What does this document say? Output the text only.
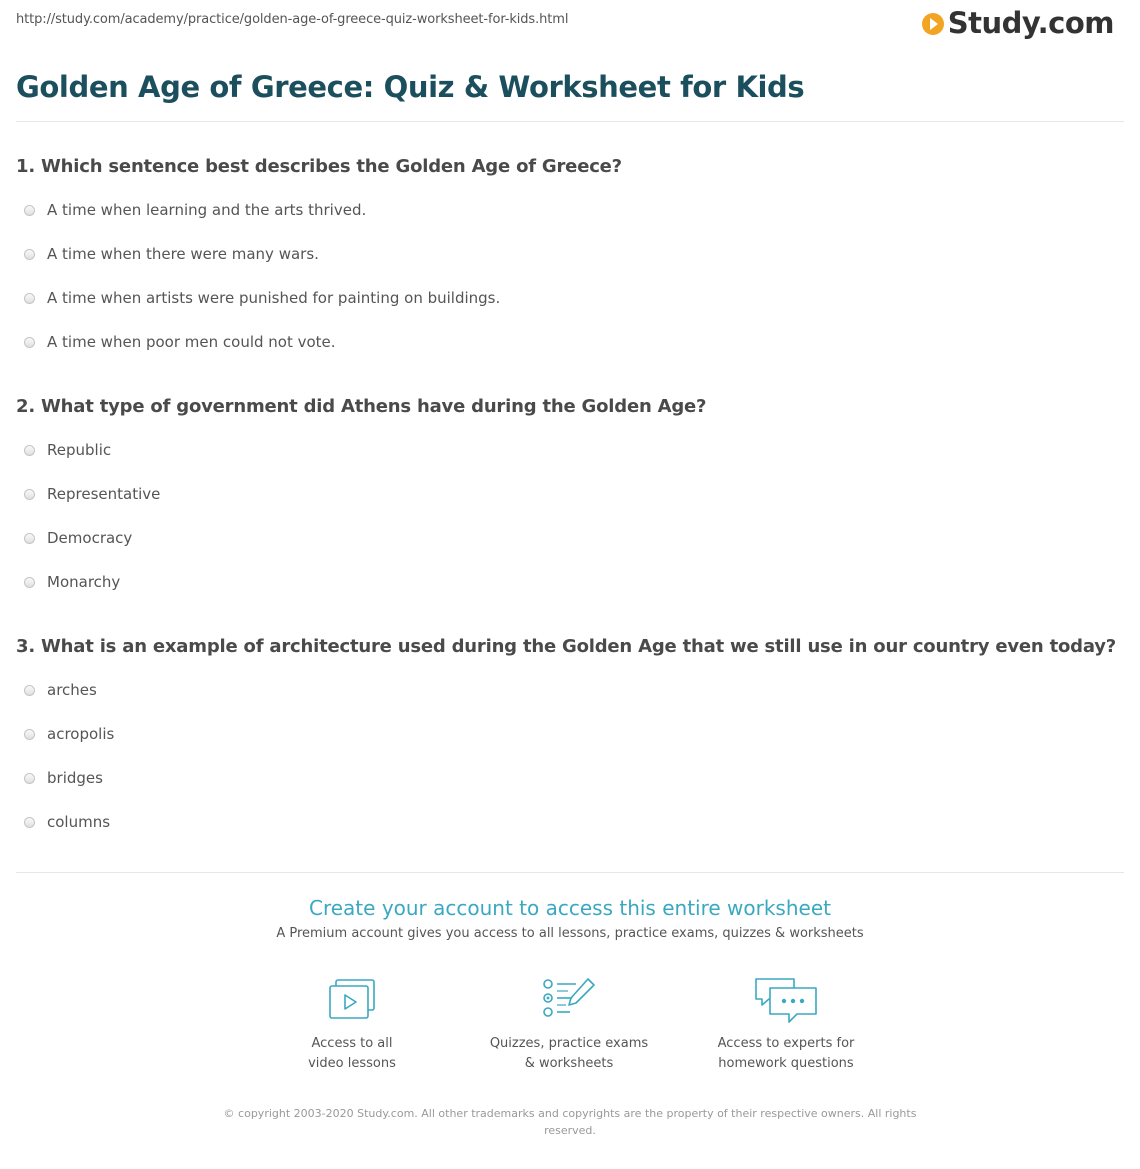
http://study.com/academy/practice/golden-age-of-greece-quiz-worksheet-for-kids.html	Study.com
Golden Age of Greece: Quiz & Worksheet for Kids
1. Which sentence best describes the Golden Age of Greece?
A time when learning and the arts thrived.
A time when there were many wars.
A time when artists were punished for painting on buildings.
A time when poor men could not vote.
2. What type of government did Athens have during the Golden Age?
Republic
Representative
Democracy
Monarchy
3. What is an example of architecture used during the Golden Age that we still use in our country even today?
arches
acropolis
bridges
columns
Create your account to access this entire worksheet
A Premium account gives you access to all lessons, practice exams, quizzes & worksheets
Access to all
video lessons
Quizzes, practice exams
& worksheets
Access to experts for
homework questions
© copyright 2003-2020 Study.com. All other trademarks and copyrights are the property of their respective owners. All rights reserved.
